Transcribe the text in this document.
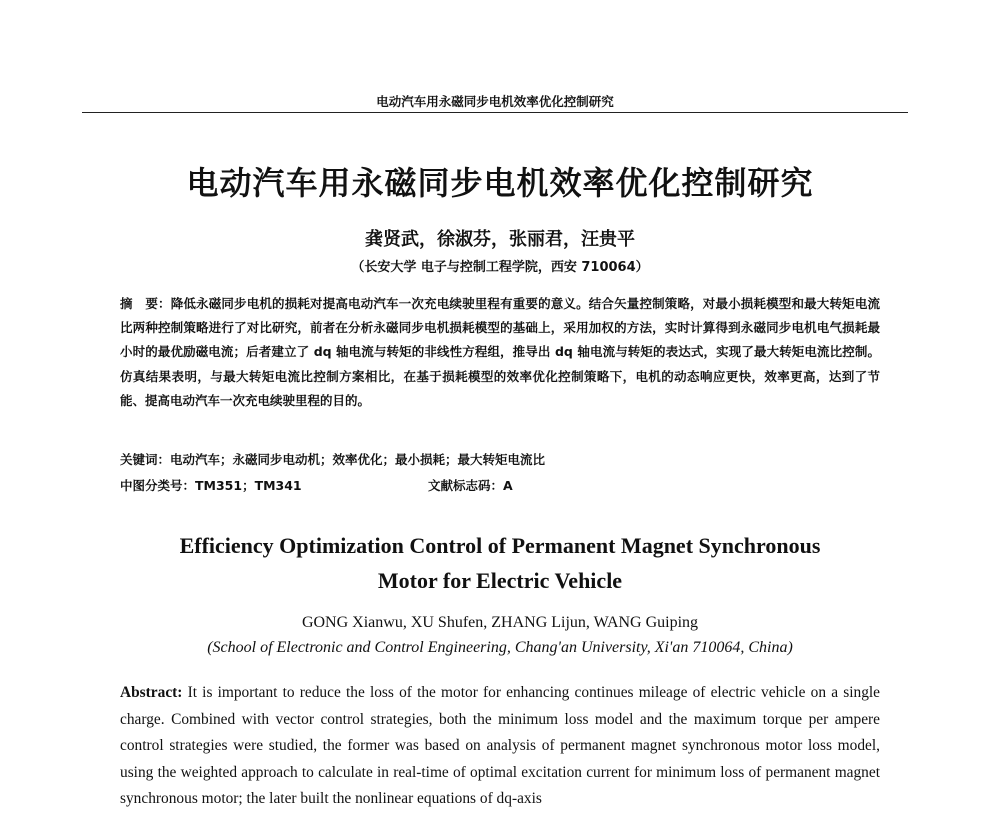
电动汽车用永磁同步电机效率优化控制研究
电动汽车用永磁同步电机效率优化控制研究
龚贤武，徐淑芬，张丽君，汪贵平
（长安大学 电子与控制工程学院，西安 710064）
摘　要：降低永磁同步电机的损耗对提高电动汽车一次充电续驶里程有重要的意义。结合矢量控制策略，对最小损耗模型和最大转矩电流比两种控制策略进行了对比研究，前者在分析永磁同步电机损耗模型的基础上，采用加权的方法，实时计算得到永磁同步电机电气损耗最小时的最优励磁电流；后者建立了 dq 轴电流与转矩的非线性方程组，推导出 dq 轴电流与转矩的表达式，实现了最大转矩电流比控制。仿真结果表明，与最大转矩电流比控制方案相比，在基于损耗模型的效率优化控制策略下，电机的动态响应更快，效率更高，达到了节能、提高电动汽车一次充电续驶里程的目的。
关键词：电动汽车；永磁同步电动机；效率优化；最小损耗；最大转矩电流比
中图分类号：TM351；TM341	文献标志码：A
Efficiency Optimization Control of Permanent Magnet Synchronous
Motor for Electric Vehicle
GONG Xianwu, XU Shufen, ZHANG Lijun, WANG Guiping
(School of Electronic and Control Engineering, Chang'an University, Xi'an 710064, China)
Abstract: It is important to reduce the loss of the motor for enhancing continues mileage of electric vehicle on a single charge. Combined with vector control strategies, both the minimum loss model and the maximum torque per ampere control strategies were studied, the former was based on analysis of permanent magnet synchronous motor loss model, using the weighted approach to calculate in real-time of optimal excitation current for minimum loss of permanent magnet synchronous motor; the later built the nonlinear equations of dq-axis
